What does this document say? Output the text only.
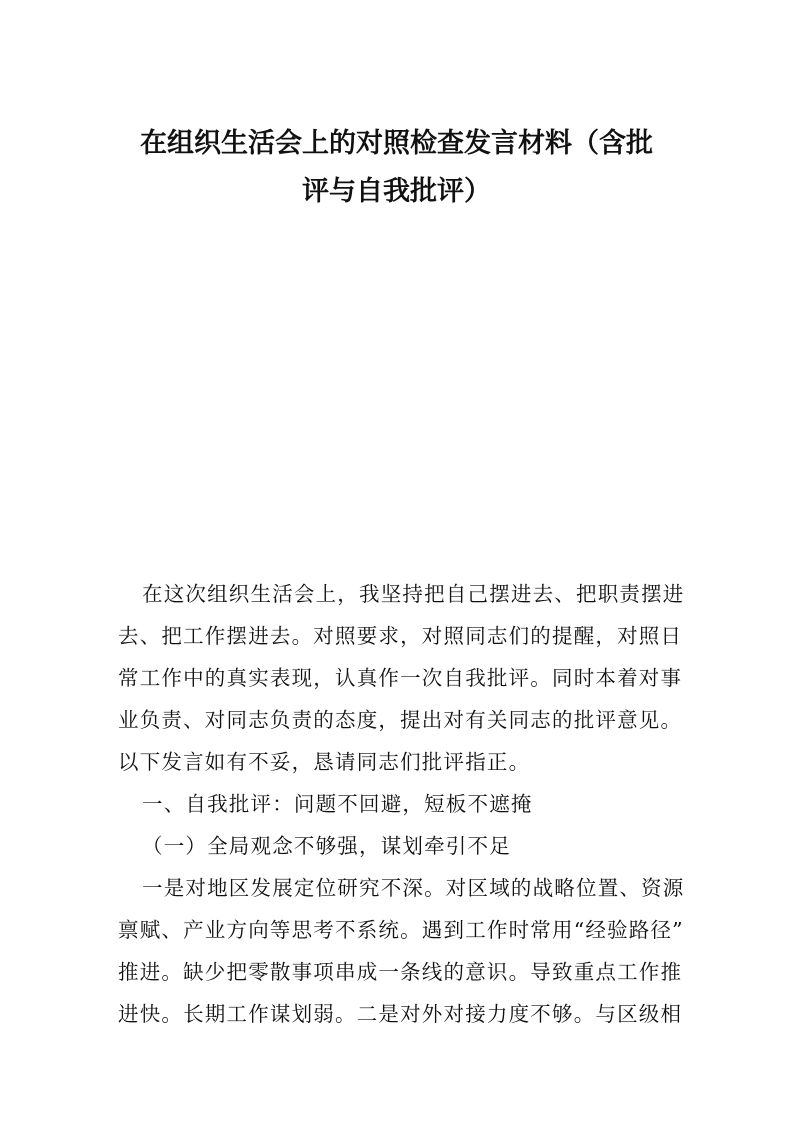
在组织生活会上的对照检查发言材料（含批
评与自我批评）
在这次组织生活会上，我坚持把自己摆进去、把职责摆进
去、把工作摆进去。对照要求，对照同志们的提醒，对照日
常工作中的真实表现，认真作一次自我批评。同时本着对事
业负责、对同志负责的态度，提出对有关同志的批评意见。
以下发言如有不妥，恳请同志们批评指正。
一、自我批评：问题不回避，短板不遮掩
（一）全局观念不够强，谋划牵引不足
一是对地区发展定位研究不深。对区域的战略位置、资源
禀赋、产业方向等思考不系统。遇到工作时常用“经验路径”
推进。缺少把零散事项串成一条线的意识。导致重点工作推
进快。长期工作谋划弱。二是对外对接力度不够。与区级相
